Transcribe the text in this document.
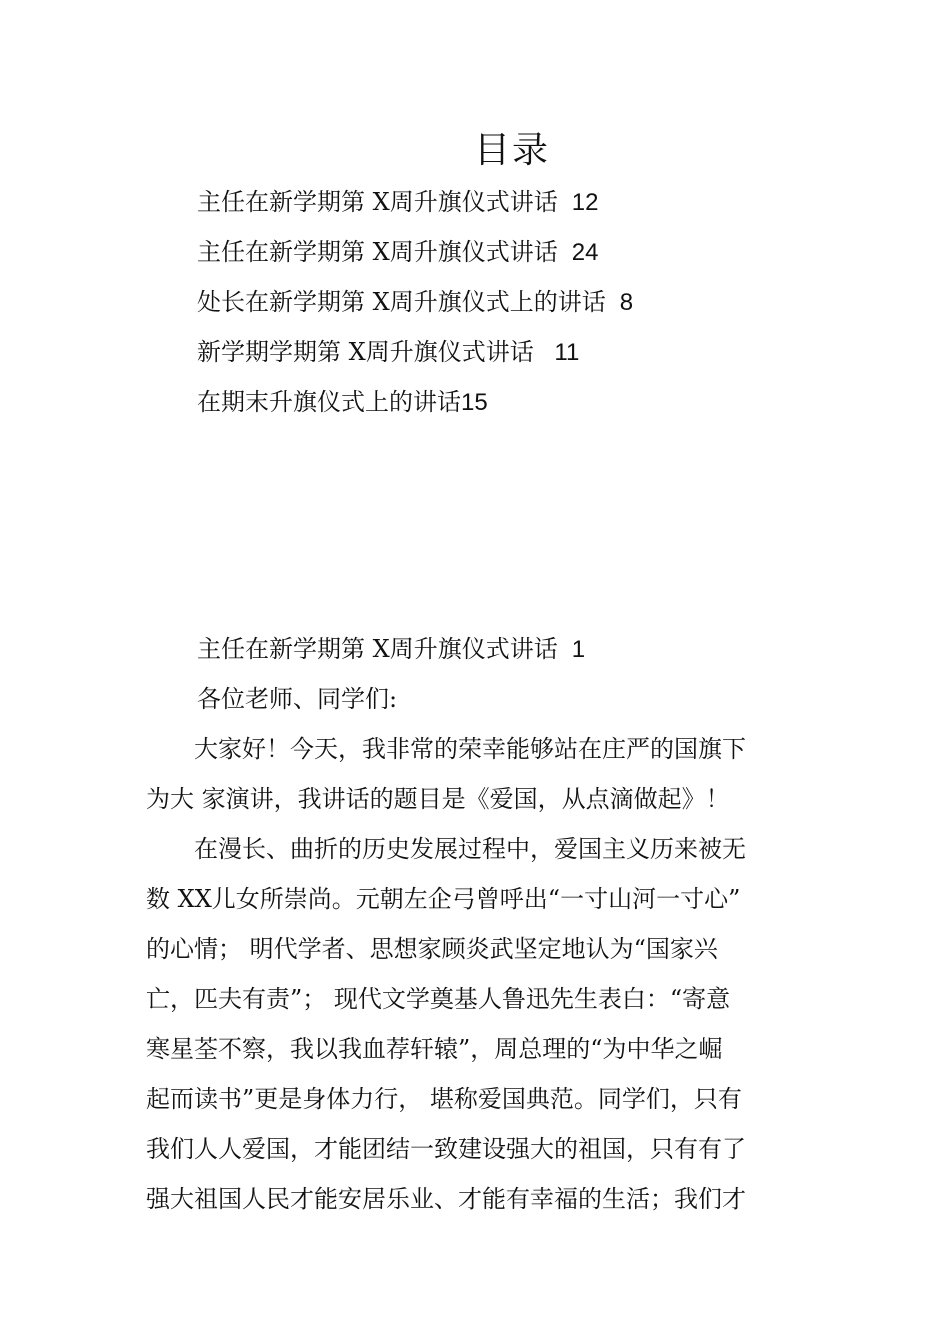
目录
主任在新学期第 X周升旗仪式讲话 12
主任在新学期第 X周升旗仪式讲话 24
处长在新学期第 X周升旗仪式上的讲话 8
新学期学期第 X周升旗仪式讲话 11
在期末升旗仪式上的讲话15
主任在新学期第 X周升旗仪式讲话 1
各位老师、同学们:
　　大家好！今天，我非常的荣幸能够站在庄严的国旗下
为大 家演讲，我讲话的题目是《爱国，从点滴做起》！
　　在漫长、曲折的历史发展过程中，爱国主义历来被无
数 XX儿女所崇尚。元朝左企弓曾呼出“一寸山河一寸心”
的心情； 明代学者、思想家顾炎武坚定地认为“国家兴
亡，匹夫有责”； 现代文学奠基人鲁迅先生表白：“寄意
寒星荃不察，我以我血荐轩辕”，周总理的“为中华之崛
起而读书”更是身体力行， 堪称爱国典范。同学们，只有
我们人人爱国，才能团结一致建设强大的祖国，只有有了
强大祖国人民才能安居乐业、才能有幸福的生活；我们才
